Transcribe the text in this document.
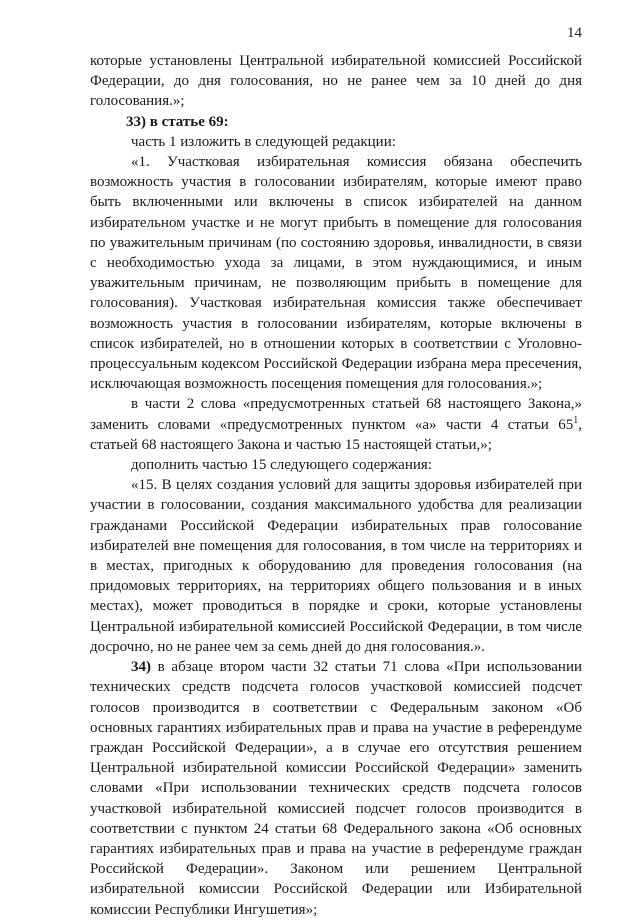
14

которые установлены Центральной избирательной комиссией Российской Федерации, до дня голосования, но не ранее чем за 10 дней до дня голосования.»;

33) в статье 69:

часть 1 изложить в следующей редакции:

«1. Участковая избирательная комиссия обязана обеспечить возможность участия в голосовании избирателям, которые имеют право быть включенными или включены в список избирателей на данном избирательном участке и не могут прибыть в помещение для голосования по уважительным причинам (по состоянию здоровья, инвалидности, в связи с необходимостью ухода за лицами, в этом нуждающимися, и иным уважительным причинам, не позволяющим прибыть в помещение для голосования). Участковая избирательная комиссия также обеспечивает возможность участия в голосовании избирателям, которые включены в список избирателей, но в отношении которых в соответствии с Уголовно-процессуальным кодексом Российской Федерации избрана мера пресечения, исключающая возможность посещения помещения для голосования.»;

в части 2 слова «предусмотренных статьей 68 настоящего Закона,» заменить словами «предусмотренных пунктом «а» части 4 статьи $65^1$, статьей 68 настоящего Закона и частью 15 настоящей статьи,»;

дополнить частью 15 следующего содержания:

«15. В целях создания условий для защиты здоровья избирателей при участии в голосовании, создания максимального удобства для реализации гражданами Российской Федерации избирательных прав голосование избирателей вне помещения для голосования, в том числе на территориях и в местах, пригодных к оборудованию для проведения голосования (на придомовых территориях, на территориях общего пользования и в иных местах), может проводиться в порядке и сроки, которые установлены Центральной избирательной комиссией Российской Федерации, в том числе досрочно, но не ранее чем за семь дней до дня голосования.».

34) в абзаце втором части 32 статьи 71 слова «При использовании технических средств подсчета голосов участковой комиссией подсчет голосов производится в соответствии с Федеральным законом «Об основных гарантиях избирательных прав и права на участие в референдуме граждан Российской Федерации», а в случае его отсутствия решением Центральной избирательной комиссии Российской Федерации» заменить словами «При использовании технических средств подсчета голосов участковой избирательной комиссией подсчет голосов производится в соответствии с пунктом 24 статьи 68 Федерального закона «Об основных гарантиях избирательных прав и права на участие в референдуме граждан Российской Федерации». Законом или решением Центральной избирательной комиссии Российской Федерации или Избирательной комиссии Республики Ингушетия»;
